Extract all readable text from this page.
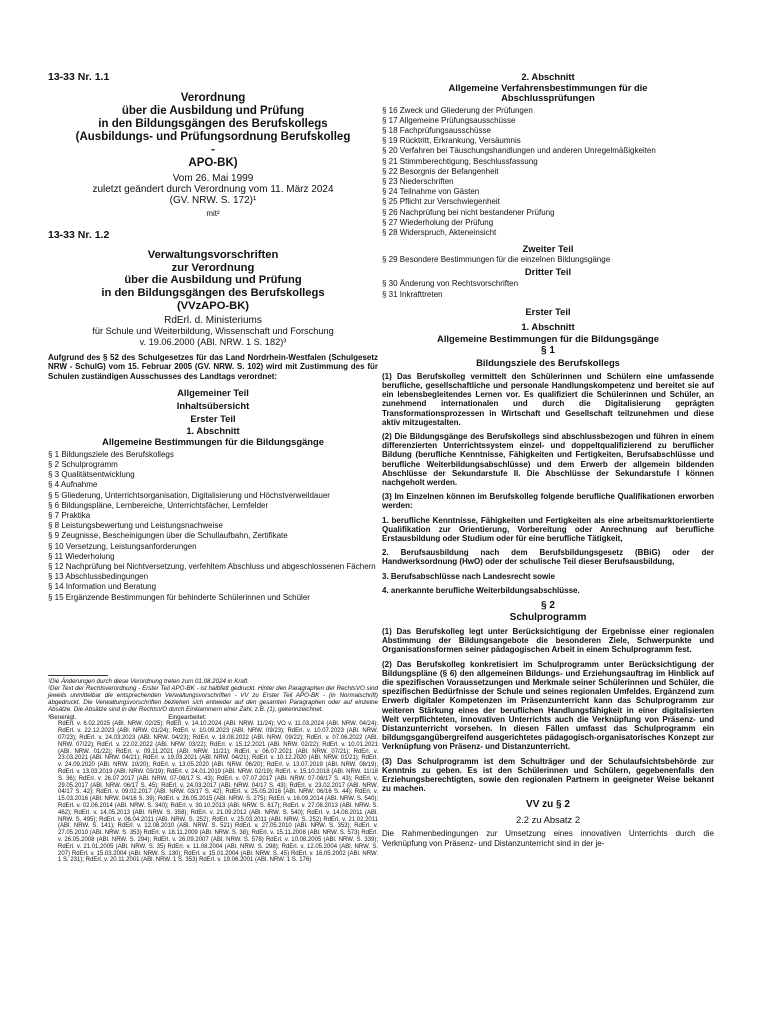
13-33 Nr. 1.1

Verordnung
über die Ausbildung und Prüfung
in den Bildungsgängen des Berufskollegs
(Ausbildungs- und Prüfungsordnung Berufskolleg
-
APO-BK)
Vom 26. Mai 1999
zuletzt geändert durch Verordnung vom 11. März 2024
(GV. NRW. S. 172)¹
mit²

13-33 Nr. 1.2

Verwaltungsvorschriften
zur Verordnung
über die Ausbildung und Prüfung
in den Bildungsgängen des Berufskollegs
(VVzAPO-BK)
RdErl. d. Ministeriums
für Schule und Weiterbildung, Wissenschaft und Forschung
v. 19.06.2000 (ABl. NRW. 1 S. 182)³

Aufgrund des § 52 des Schulgesetzes für das Land Nordrhein-Westfalen (Schulgesetz NRW - SchulG) vom 15. Februar 2005 (GV. NRW. S. 102) wird mit Zustimmung des für Schulen zuständigen Ausschusses des Landtags verordnet:

Allgemeiner Teil
Inhaltsübersicht
Erster Teil
1. Abschnitt
Allgemeine Bestimmungen für die Bildungsgänge
§ 1 Bildungsziele des Berufskollegs
§ 2 Schulprogramm
§ 3 Qualitätsentwicklung
§ 4 Aufnahme
§ 5 Gliederung, Unterrichtsorganisation, Digitalisierung und Höchstverweildauer
§ 6 Bildungspläne, Lernbereiche, Unterrichtsfächer, Lernfelder
§ 7 Praktika
§ 8 Leistungsbewertung und Leistungsnachweise
§ 9 Zeugnisse, Bescheinigungen über die Schullaufbahn, Zertifikate
§ 10 Versetzung, Leistungsanforderungen
§ 11 Wiederholung
§ 12 Nachprüfung bei Nichtversetzung, verfehltem Abschluss und abgeschlossenen Fächern
§ 13 Abschlussbedingungen
§ 14 Information und Beratung
§ 15 Ergänzende Bestimmungen für behinderte Schülerinnen und Schüler

¹Die Änderungen durch diese Verordnung treten zum 01.08.2024 in Kraft.

²Der Text der Rechtsverordnung - Erster Teil APO-BK - ist halbfett gedruckt. Hinter den Paragraphen der RechtsVO sind jeweils unmittelbar die entsprechenden Verwaltungsvorschriften - VV zu Erster Teil APO-BK - (in Normalschrift) abgedruckt. Die Verwaltungsvorschriften beziehen sich entweder auf den gesamten Paragraphen oder auf einzelne Absätze. Die Absätze sind in der RechtsVO durch Einklammern einer Zahl, z.B. (1), gekennzeichnet.

³Bereinigt.	Eingearbeitet:

RdErl. v. 6.02.2025 (ABl. NRW. 02/25); RdErl. v. 14.10.2024 (ABl. NRW. 11/24); VO v. 11.03.2024 (ABl. NRW. 04/24); RdErl. v. 22.12.2023 (ABl. NRW. 01/24); RdErl. v. 10.09.2023 (ABl. NRW. 09/23); RdErl. v. 10.07.2023 (ABl. NRW. 07/23); RdErl. v. 24.03.2023 (ABl. NRW. 04/23); RdErl. v. 18.08.2022 (ABl. NRW. 09/22); RdErl. v. 07.06.2022 (ABl. NRW. 07/22); RdErl. v. 22.02.2022 (ABl. NRW. 03/22); RdErl. v. 15.12.2021 (ABl. NRW. 02/22); RdErl. v. 10.01.2021 (ABl. NRW. 01/22); RdErl. v. 09.11.2021 (ABl. NRW. 11/21); RdErl. v. 06.07.2021 (ABl. NRW. 07/21); RdErl. v. 23.03.2021 (ABl. NRW. 04/21); RdErl. v. 19.03.2021 (ABl. NRW. 04/21); RdErl. v. 10.12.2020 (ABl. NRW. 01/21); RdErl. v. 24.09.2020 (ABl. NRW. 10/20); RdErl. v. 13.05.2020 (ABl. NRW. 06/20); RdErl. v. 13.07.2019 (ABl. NRW. 08/19); RdErl. v. 13.03.2019 (ABl. NRW. 03/19); RdErl. v. 24.01.2019 (ABl. NRW. 02/19); RdErl. v. 15.10.2018 (ABl. NRW. 11/18 S. 36); RdErl. v. 26.07.2017 (ABl. NRW. 07-08/17 S. 43); RdErl. v. 07.07.2017 (ABl. NRW. 07-08/17 S. 43); RdErl. v. 29.05.2017 (ABl. NRW. 06/17 S. 45); RdErl. v. 24.03.2017 (ABl. NRW. 04/17 S. 43); RdErl. v. 23.02.2017 (ABl. NRW. 04/17 S. 42); RdErl. v. 09.02.2017 (ABl. NRW. 03/17 S. 42); RdErl. v. 25.05.2016 (ABl. NRW. 06/16 S. 44); RdErl. v. 15.03.2016 (ABl. NRW. 04/16 S. 39); RdErl. v. 26.05.2015 (ABl. NRW. S. 275); RdErl. v. 16.09.2014 (ABl. NRW. S. 540); RdErl. v. 02.06.2014 (ABl. NRW. S. 340); RdErl. v. 30.10.2013 (ABl. NRW. S. 617); RdErl. v. 27.08.2013 (ABl. NRW. S. 462); RdErl. v. 14.05.2013 (ABl. NRW. S. 358); RdErl. v. 21.09.2012 (ABl. NRW. S. 540); RdErl. v. 14.08.2011 (ABl. NRW. S. 495); RdErl. v. 06.04.2011 (ABl. NRW. S. 252); RdErl. v. 25.03.2011 (ABl. NRW. S. 252) RdErl. v. 21.02.2011 (ABl. NRW. S. 141); RdErl. v. 12.08.2010 (ABl. NRW. S. 521) RdErl. v. 27.05.2010 (ABl. NRW. S. 353); RdErl. v. 27.05.2010 (ABl. NRW. S. 353) RdErl. v. 18.11.2009 (ABl. NRW. S. 38); RdErl. v. 15.11.2008 (ABl. NRW. S. 573) RdErl. v. 26.05.2008 (ABl. NRW. S. 294); RdErl. v. 26.09.2007 (ABl. NRW. S. 578) RdErl. v. 10.08.2005 (ABl. NRW. S. 339); RdErl. v. 21.01.2005 (ABl. NRW. S. 35) RdErl. v. 11.08.2004 (ABl. NRW. S. 298); RdErl. v. 12.05.2004 (ABl. NRW. S. 207) RdErl. v. 15.03.2004 (ABl. NRW. S. 130); RdErl. v. 15.01.2004 (ABl. NRW. S. 45) RdErl. v. 16.05.2002 (ABl. NRW. 1 S. 231); RdErl. v. 20.11.2001 (ABl. NRW. 1 S. 353) RdErl. v. 19.06.2001 (ABl. NRW. 1 S. 176)

2. Abschnitt
Allgemeine Verfahrensbestimmungen für die Abschlussprüfungen
§ 16 Zweck und Gliederung der Prüfungen
§ 17 Allgemeine Prüfungsausschüsse
§ 18 Fachprüfungsausschüsse
§ 19 Rücktritt, Erkrankung, Versäumnis
§ 20 Verfahren bei Täuschungshandlungen und anderen Unregelmäßigkeiten
§ 21 Stimmberechtigung, Beschlussfassung
§ 22 Besorgnis der Befangenheit
§ 23 Niederschriften
§ 24 Teilnahme von Gästen
§ 25 Pflicht zur Verschwiegenheit
§ 26 Nachprüfung bei nicht bestandener Prüfung
§ 27 Wiederholung der Prüfung
§ 28 Widerspruch, Akteneinsicht
Zweiter Teil
§ 29 Besondere Bestimmungen für die einzelnen Bildungsgänge
Dritter Teil
§ 30 Änderung von Rechtsvorschriften
§ 31 Inkrafttreten
Erster Teil
1. Abschnitt
Allgemeine Bestimmungen für die Bildungsgänge
§ 1
Bildungsziele des Berufskollegs

(1) Das Berufskolleg vermittelt den Schülerinnen und Schülern eine umfassende berufliche, gesellschaftliche und personale Handlungskompetenz und bereitet sie auf ein lebensbegleitendes Lernen vor. Es qualifiziert die Schülerinnen und Schüler, an zunehmend internationalen und durch die Digitalisierung geprägten Transformationsprozessen in Wirtschaft und Gesellschaft teilzunehmen und diese aktiv mitzugestalten.

(2) Die Bildungsgänge des Berufskollegs sind abschlussbezogen und führen in einem differenzierten Unterrichtssystem einzel- und doppeltqualifizierend zu beruflicher Bildung (berufliche Kenntnisse, Fähigkeiten und Fertigkeiten, Berufsabschlüsse und berufliche Weiterbildungsabschlüsse) und dem Erwerb der allgemein bildenden Abschlüsse der Sekundarstufe II. Die Abschlüsse der Sekundarstufe I können nachgeholt werden.

(3) Im Einzelnen können im Berufskolleg folgende berufliche Qualifikationen erworben werden:

1. berufliche Kenntnisse, Fähigkeiten und Fertigkeiten als eine arbeitsmarktorientierte Qualifikation zur Orientierung, Vorbereitung oder Anrechnung auf berufliche Erstausbildung oder Studium oder für eine berufliche Tätigkeit,

2. Berufsausbildung nach dem Berufsbildungsgesetz (BBiG) oder der Handwerksordnung (HwO) oder der schulische Teil dieser Berufsausbildung,

3. Berufsabschlüsse nach Landesrecht sowie

4. anerkannte berufliche Weiterbildungsabschlüsse.

§ 2
Schulprogramm

(1) Das Berufskolleg legt unter Berücksichtigung der Ergebnisse einer regionalen Abstimmung der Bildungsangebote die besonderen Ziele, Schwerpunkte und Organisationsformen seiner pädagogischen Arbeit in einem Schulprogramm fest.

(2) Das Berufskolleg konkretisiert im Schulprogramm unter Berücksichtigung der Bildungspläne (§ 6) den allgemeinen Bildungs- und Erziehungsauftrag im Hinblick auf die spezifischen Voraussetzungen und Merkmale seiner Schülerinnen und Schüler, die spezifischen Bedürfnisse der Schule und seines regionalen Umfeldes. Ergänzend zum Erwerb digitaler Kompetenzen im Präsenzunterricht kann das Schulprogramm zur weiteren Stärkung eines der beruflichen Handlungsfähigkeit in einer digitalisierten Welt verpflichteten, innovativen Unterrichts auch die Verknüpfung von Präsenz- und Distanzunterricht vorsehen. In diesen Fällen umfasst das Schulprogramm ein bildungsgangübergreifend ausgerichtetes pädagogisch-organisatorisches Konzept zur Verknüpfung von Präsenz- und Distanzunterricht.

(3) Das Schulprogramm ist dem Schulträger und der Schulaufsichtsbehörde zur Kenntnis zu geben. Es ist den Schülerinnen und Schülern, gegebenenfalls den Erziehungsberechtigten, sowie den regionalen Partnern in geeigneter Weise bekannt zu machen.

VV zu § 2
2.2 zu Absatz 2

Die Rahmenbedingungen zur Umsetzung eines innovativen Unterrichts durch die Verknüpfung von Präsenz- und Distanzunterricht sind in der je-
